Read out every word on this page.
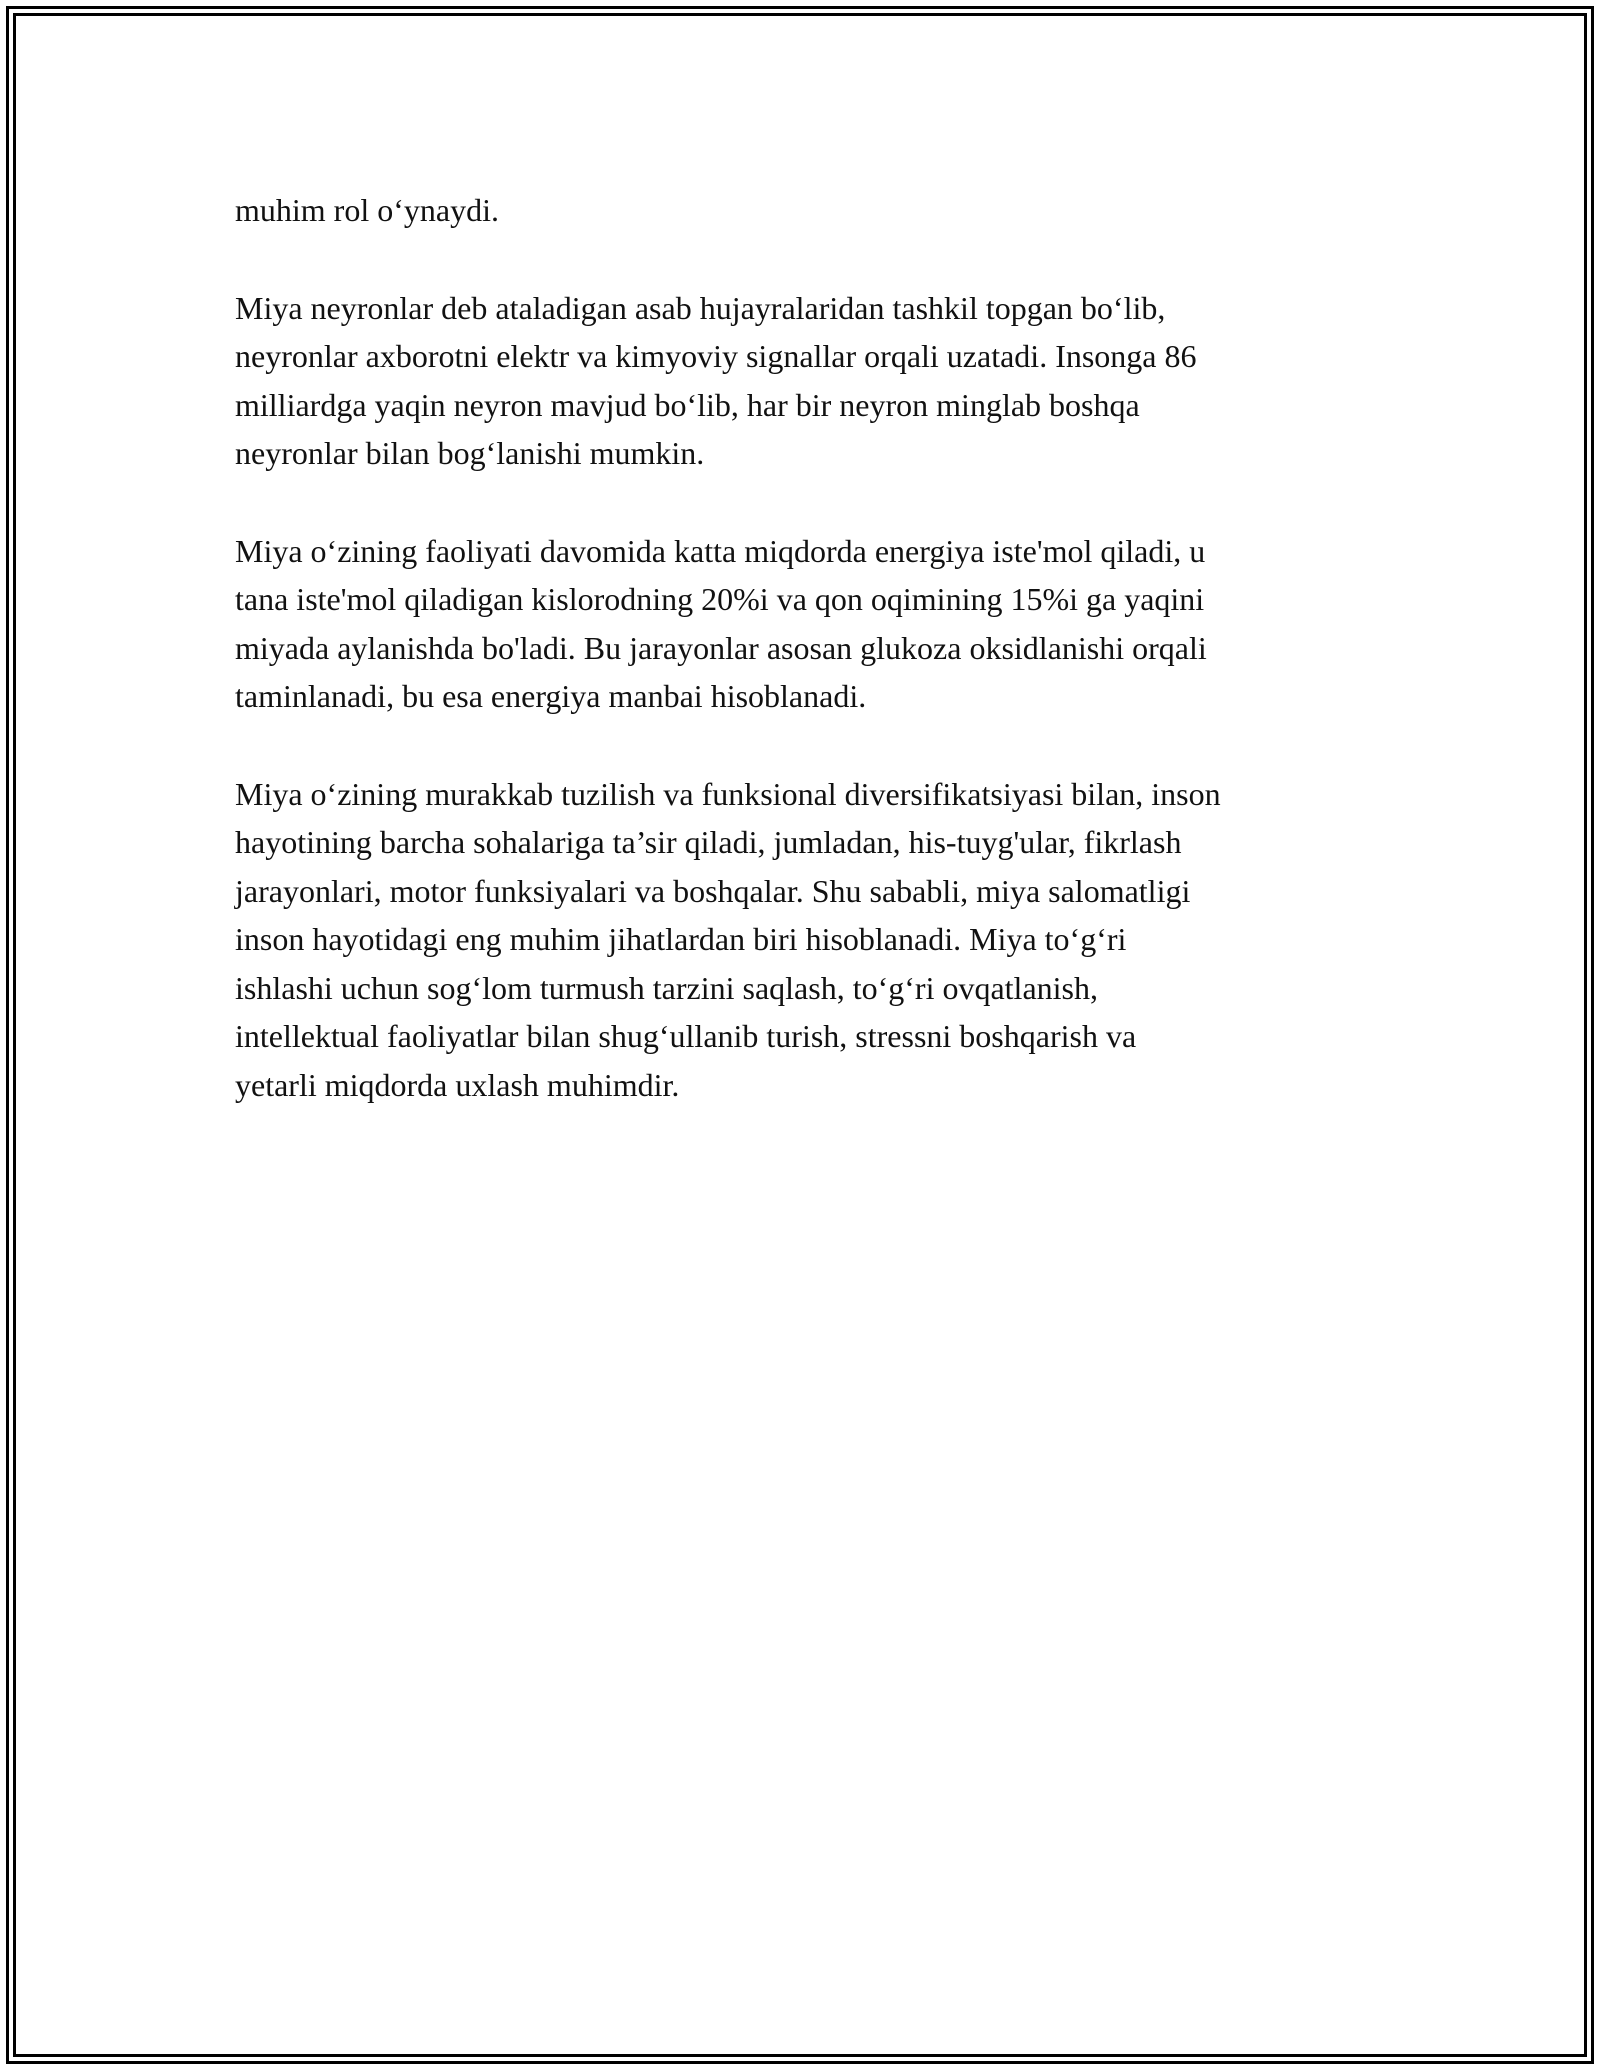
muhim rol o‘ynaydi.

Miya neyronlar deb ataladigan asab hujayralaridan tashkil topgan bo‘lib,
neyronlar axborotni elektr va kimyoviy signallar orqali uzatadi. Insonga 86
milliardga yaqin neyron mavjud bo‘lib, har bir neyron minglab boshqa
neyronlar bilan bog‘lanishi mumkin.

Miya o‘zining faoliyati davomida katta miqdorda energiya iste'mol qiladi, u
tana iste'mol qiladigan kislorodning 20%i va qon oqimining 15%i ga yaqini
miyada aylanishda bo'ladi. Bu jarayonlar asosan glukoza oksidlanishi orqali
taminlanadi, bu esa energiya manbai hisoblanadi.

Miya o‘zining murakkab tuzilish va funksional diversifikatsiyasi bilan, inson
hayotining barcha sohalariga ta’sir qiladi, jumladan, his-tuyg'ular, fikrlash
jarayonlari, motor funksiyalari va boshqalar. Shu sababli, miya salomatligi
inson hayotidagi eng muhim jihatlardan biri hisoblanadi. Miya to‘g‘ri
ishlashi uchun sog‘lom turmush tarzini saqlash, to‘g‘ri ovqatlanish,
intellektual faoliyatlar bilan shug‘ullanib turish, stressni boshqarish va
yetarli miqdorda uxlash muhimdir.
